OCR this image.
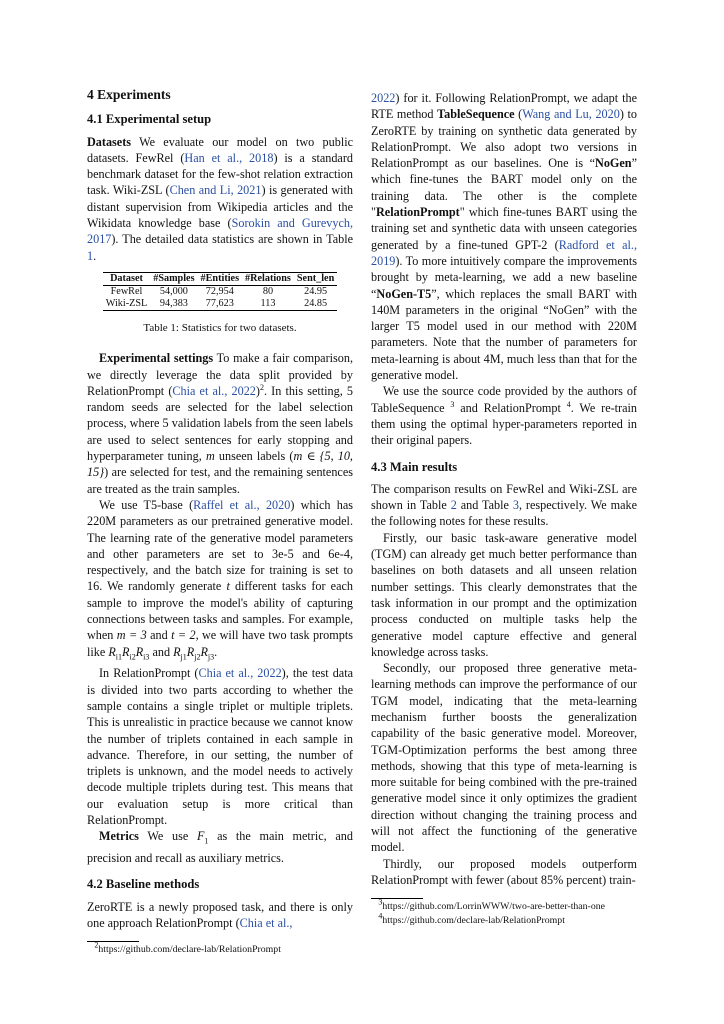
4 Experiments
4.1 Experimental setup

Datasets We evaluate our model on two public datasets. FewRel (Han et al., 2018) is a standard benchmark dataset for the few-shot relation extraction task. Wiki-ZSL (Chen and Li, 2021) is generated with distant supervision from Wikipedia articles and the Wikidata knowledge base (Sorokin and Gurevych, 2017). The detailed data statistics are shown in Table 1.

Dataset	#Samples	#Entities	#Relations	Sent_len
FewRel	54,000	72,954	80	24.95
Wiki-ZSL	94,383	77,623	113	24.85
Table 1: Statistics for two datasets.

Experimental settings To make a fair comparison, we directly leverage the data split provided by RelationPrompt (Chia et al., 2022)$^2$. In this setting, 5 random seeds are selected for the label selection process, where 5 validation labels from the seen labels are used to select sentences for early stopping and hyperparameter tuning, m unseen labels (m ∈ {5, 10, 15}) are selected for test, and the remaining sentences are treated as the train samples.

We use T5-base (Raffel et al., 2020) which has 220M parameters as our pretrained generative model. The learning rate of the generative model parameters and other parameters are set to 3e-5 and 6e-4, respectively, and the batch size for training is set to 16. We randomly generate t different tasks for each sample to improve the model's ability of capturing connections between tasks and samples. For example, when m = 3 and t = 2, we will have two task prompts like $R_{i1}R_{i2}R_{i3}$ and $R_{j1}R_{j2}R_{j3}$.

In RelationPrompt (Chia et al., 2022), the test data is divided into two parts according to whether the sample contains a single triplet or multiple triplets. This is unrealistic in practice because we cannot know the number of triplets contained in each sample in advance. Therefore, in our setting, the number of triplets is unknown, and the model needs to actively decode multiple triplets during test. This means that our evaluation setup is more critical than RelationPrompt.

Metrics We use $F_1$ as the main metric, and precision and recall as auxiliary metrics.

4.2 Baseline methods

ZeroRTE is a newly proposed task, and there is only one approach RelationPrompt (Chia et al.,

$^2$https://github.com/declare-lab/RelationPrompt

2022) for it. Following RelationPrompt, we adapt the RTE method TableSequence (Wang and Lu, 2020) to ZeroRTE by training on synthetic data generated by RelationPrompt. We also adopt two versions in RelationPrompt as our baselines. One is “NoGen” which fine-tunes the BART model only on the training data. The other is the complete "RelationPrompt" which fine-tunes BART using the training set and synthetic data with unseen categories generated by a fine-tuned GPT-2 (Radford et al., 2019). To more intuitively compare the improvements brought by meta-learning, we add a new baseline “NoGen-T5”, which replaces the small BART with 140M parameters in the original “NoGen” with the larger T5 model used in our method with 220M parameters. Note that the number of parameters for meta-learning is about 4M, much less than that for the generative model.

We use the source code provided by the authors of TableSequence $^3$ and RelationPrompt $^4$. We re-train them using the optimal hyper-parameters reported in their original papers.

4.3 Main results

The comparison results on FewRel and Wiki-ZSL are shown in Table 2 and Table 3, respectively. We make the following notes for these results.

Firstly, our basic task-aware generative model (TGM) can already get much better performance than baselines on both datasets and all unseen relation number settings. This clearly demonstrates that the task information in our prompt and the optimization process conducted on multiple tasks help the generative model capture effective and general knowledge across tasks.

Secondly, our proposed three generative meta-learning methods can improve the performance of our TGM model, indicating that the meta-learning mechanism further boosts the generalization capability of the basic generative model. Moreover, TGM-Optimization performs the best among three methods, showing that this type of meta-learning is more suitable for being combined with the pre-trained generative model since it only optimizes the gradient direction without changing the training process and will not affect the functioning of the generative model.

Thirdly, our proposed models outperform RelationPrompt with fewer (about 85% percent) train-

$^3$https://github.com/LorrinWWW/two-are-better-than-one
$^4$https://github.com/declare-lab/RelationPrompt
